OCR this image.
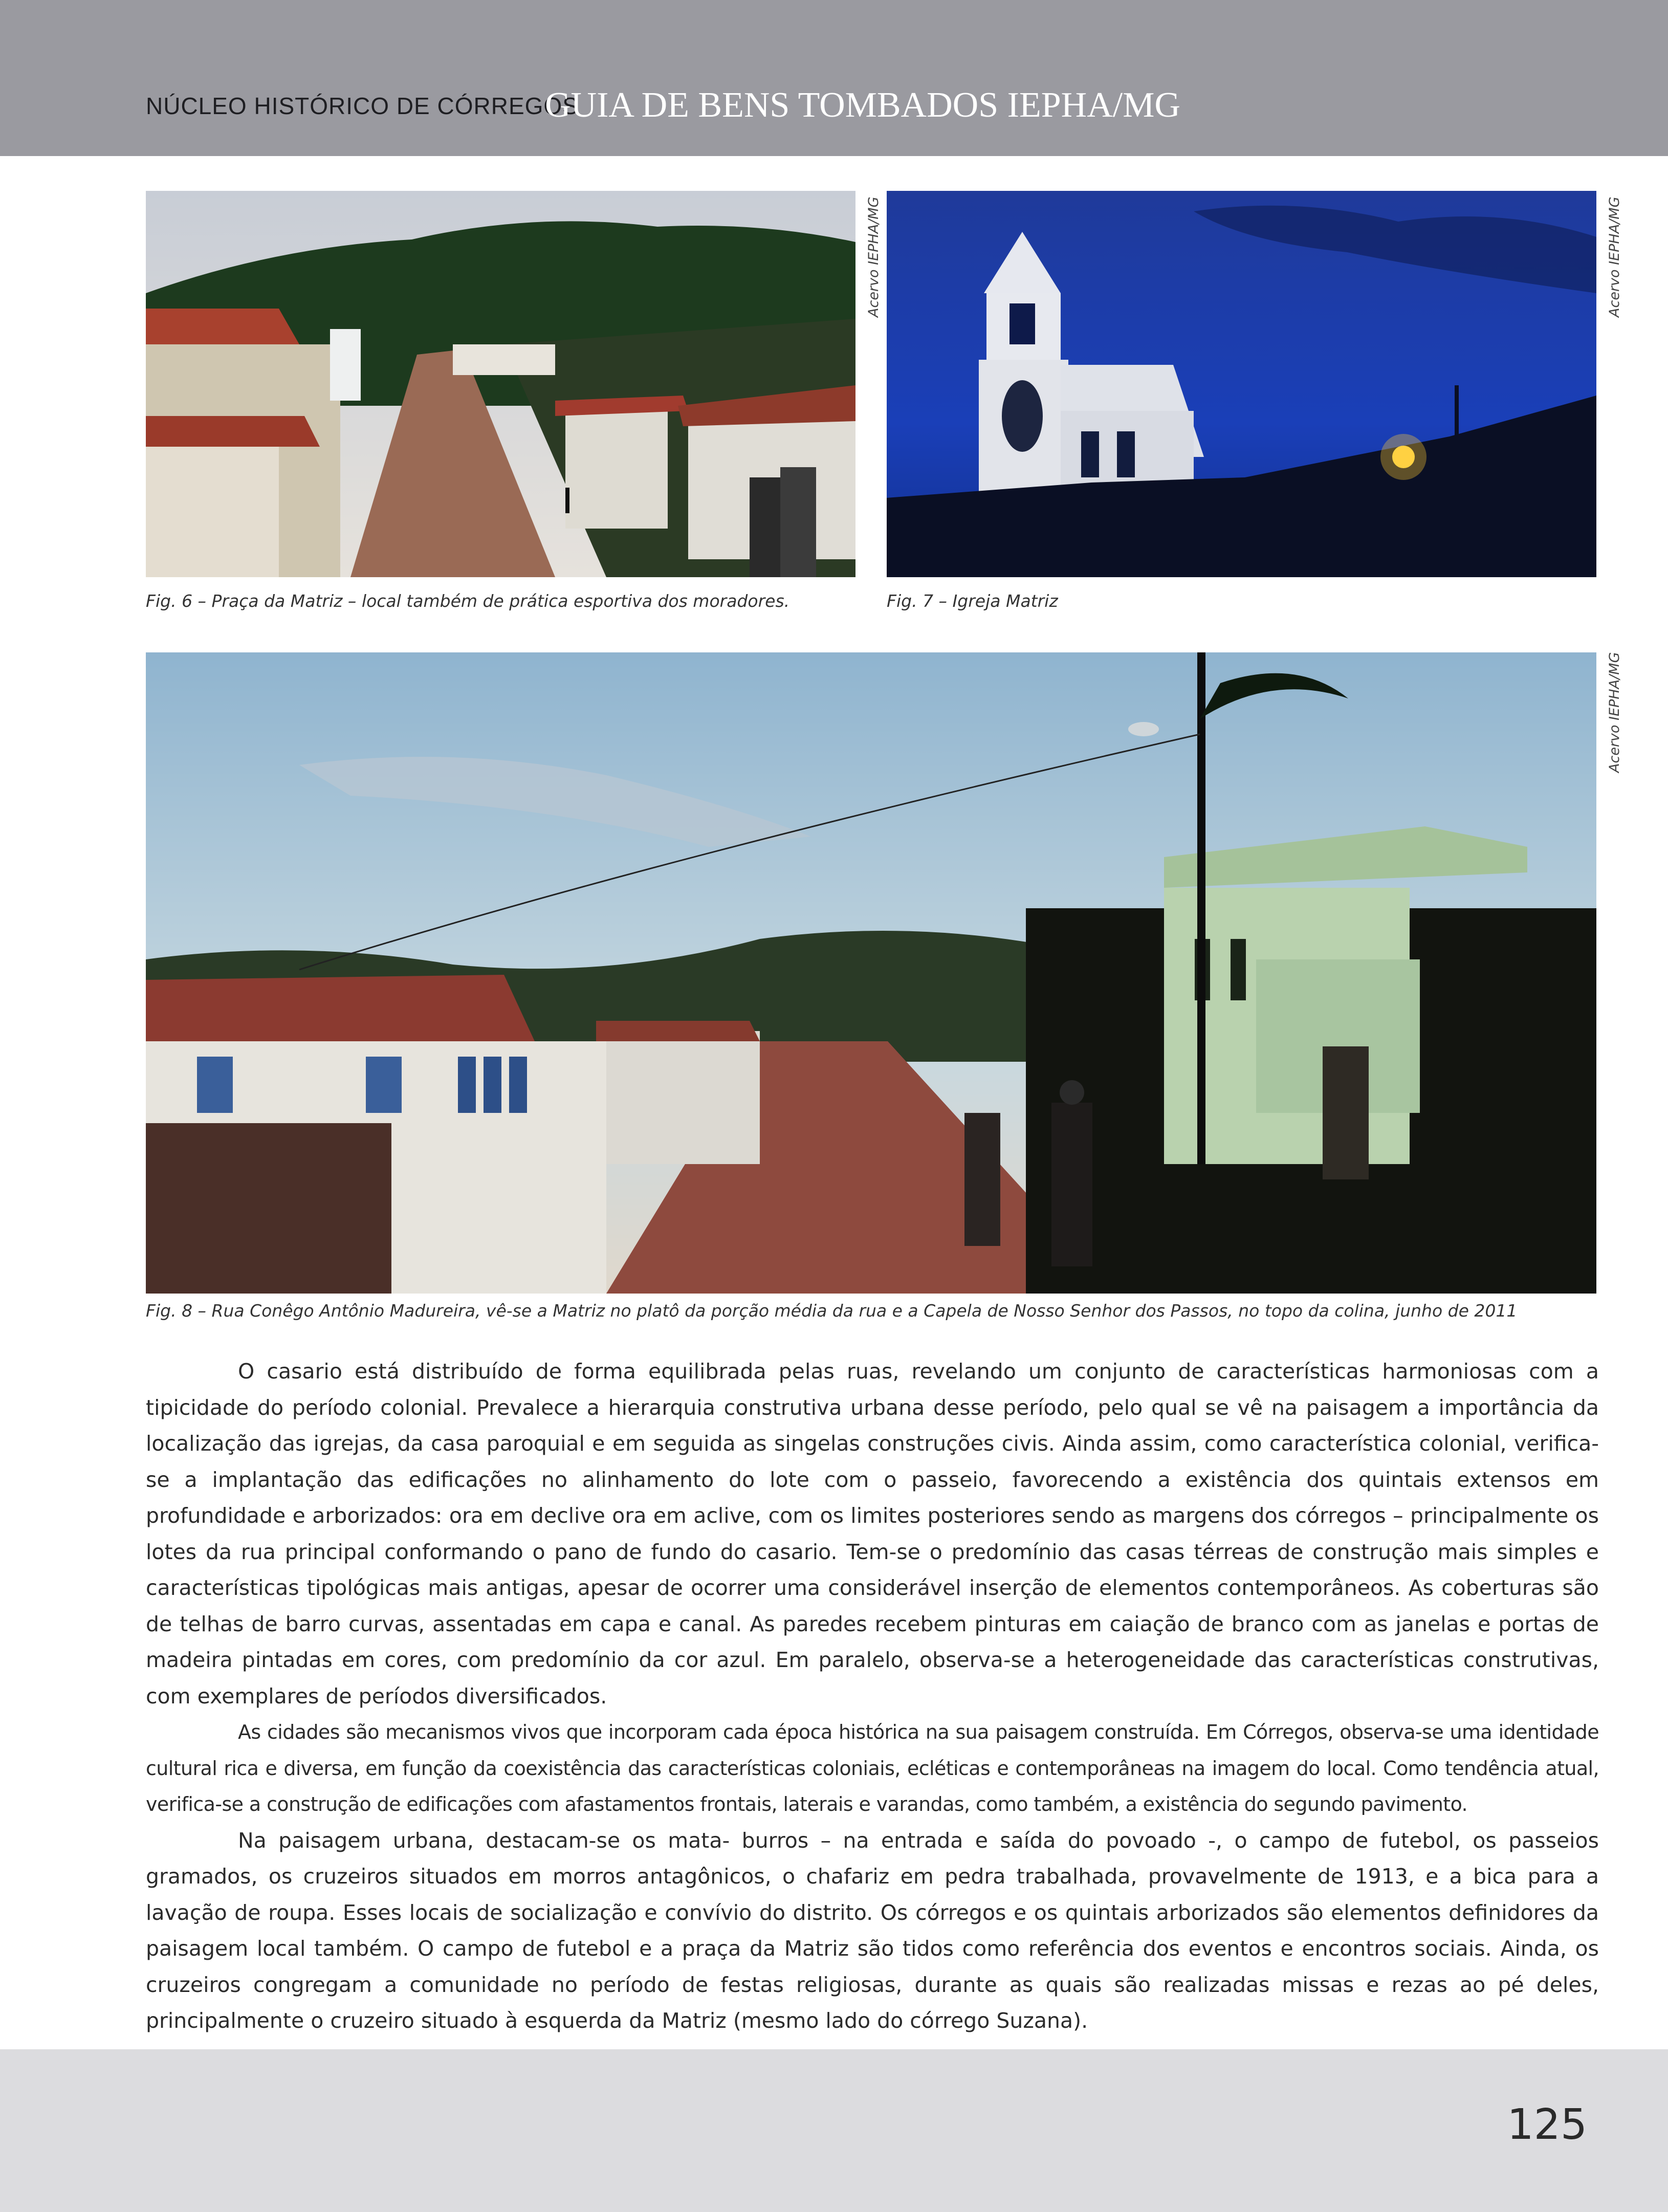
NÚCLEO HISTÓRICO DE CÓRREGOS
GUIA DE BENS TOMBADOS IEPHA/MG
Acervo IEPHA/MG	Acervo IEPHA/MG
Fig. 6 – Praça da Matriz – local também de prática esportiva dos moradores.	Fig. 7 – Igreja Matriz
Acervo IEPHA/MG
Fig. 8 – Rua Conêgo Antônio Madureira, vê-se a Matriz no platô da porção média da rua e a Capela de Nosso Senhor dos Passos, no topo da colina, junho de 2011

O casario está distribuído de forma equilibrada pelas ruas, revelando um conjunto de características harmoniosas com a tipicidade do período colonial. Prevalece a hierarquia construtiva urbana desse período, pelo qual se vê na paisagem a importância da localização das igrejas, da casa paroquial e em seguida as singelas construções civis. Ainda assim, como característica colonial, verifica-se a implantação das edificações no alinhamento do lote com o passeio, favorecendo a existência dos quintais extensos em profundidade e arborizados: ora em declive ora em aclive, com os limites posteriores sendo as margens dos córregos – principalmente os lotes da rua principal conformando o pano de fundo do casario. Tem-se o predomínio das casas térreas de construção mais simples e características tipológicas mais antigas, apesar de ocorrer uma considerável inserção de elementos contemporâneos. As coberturas são de telhas de barro curvas, assentadas em capa e canal. As paredes recebem pinturas em caiação de branco com as janelas e portas de madeira pintadas em cores, com predomínio da cor azul. Em paralelo, observa-se a heterogeneidade das características construtivas, com exemplares de períodos diversificados.

As cidades são mecanismos vivos que incorporam cada época histórica na sua paisagem construída. Em Córregos, observa-se uma identidade cultural rica e diversa, em função da coexistência das características coloniais, ecléticas e contemporâneas na imagem do local. Como tendência atual, verifica-se a construção de edificações com afastamentos frontais, laterais e varandas, como também, a existência do segundo pavimento.

Na paisagem urbana, destacam-se os mata- burros – na entrada e saída do povoado -, o campo de futebol, os passeios gramados, os cruzeiros situados em morros antagônicos, o chafariz em pedra trabalhada, provavelmente de 1913, e a bica para a lavação de roupa. Esses locais de socialização e convívio do distrito. Os córregos e os quintais arborizados são elementos definidores da paisagem local também. O campo de futebol e a praça da Matriz são tidos como referência dos eventos e encontros sociais. Ainda, os cruzeiros congregam a comunidade no período de festas religiosas, durante as quais são realizadas missas e rezas ao pé deles, principalmente o cruzeiro situado à esquerda da Matriz (mesmo lado do córrego Suzana).

125
